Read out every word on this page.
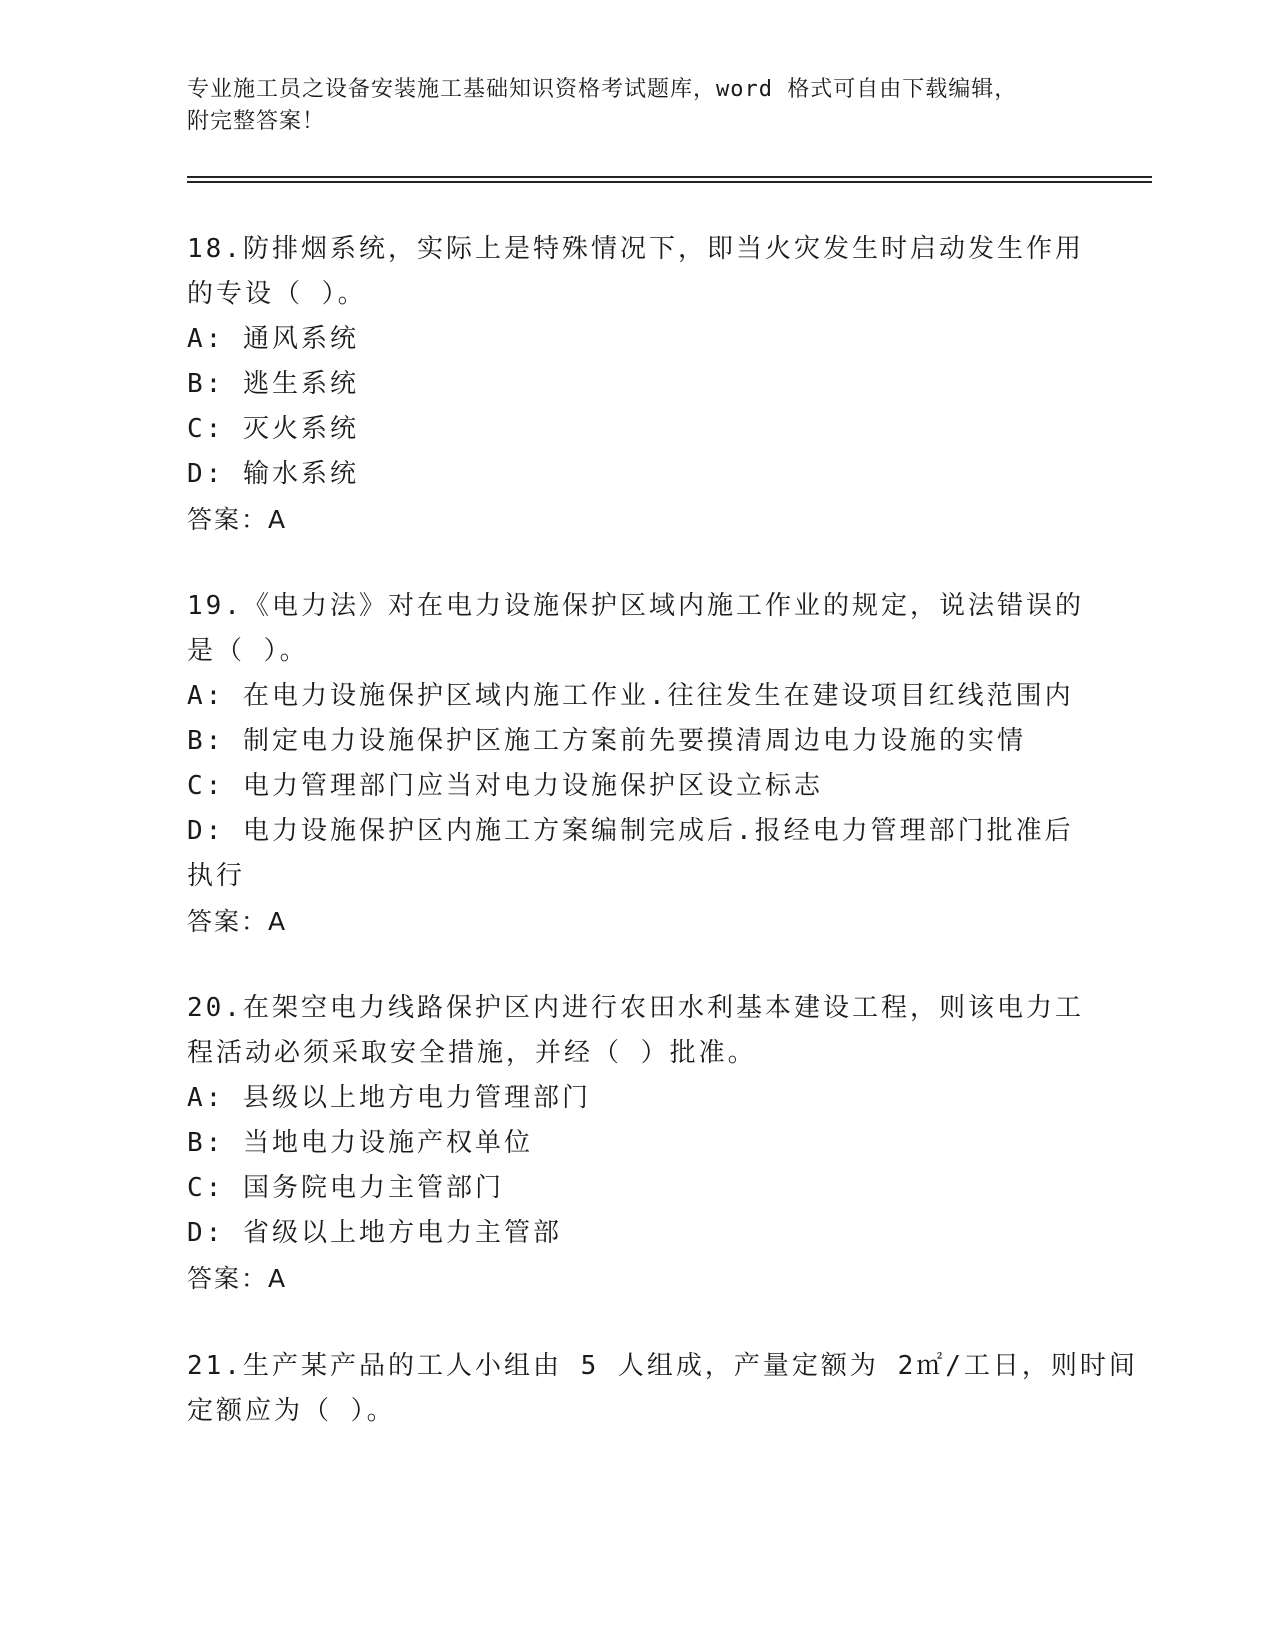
专业施工员之设备安装施工基础知识资格考试题库，word 格式可自由下载编辑，
附完整答案！
18.防排烟系统，实际上是特殊情况下，即当火灾发生时启动发生作用
的专设（ ）。
A: 通风系统
B: 逃生系统
C: 灭火系统
D: 输水系统
答案：A
19.《电力法》对在电力设施保护区域内施工作业的规定，说法错误的
是（ ）。
A: 在电力设施保护区域内施工作业.往往发生在建设项目红线范围内
B: 制定电力设施保护区施工方案前先要摸清周边电力设施的实情
C: 电力管理部门应当对电力设施保护区设立标志
D: 电力设施保护区内施工方案编制完成后.报经电力管理部门批准后
执行
答案：A
20.在架空电力线路保护区内进行农田水利基本建设工程，则该电力工
程活动必须采取安全措施，并经（ ）批准。
A: 县级以上地方电力管理部门
B: 当地电力设施产权单位
C: 国务院电力主管部门
D: 省级以上地方电力主管部
答案：A
21.生产某产品的工人小组由 5 人组成，产量定额为 2㎡/工日，则时间
定额应为（ ）。
